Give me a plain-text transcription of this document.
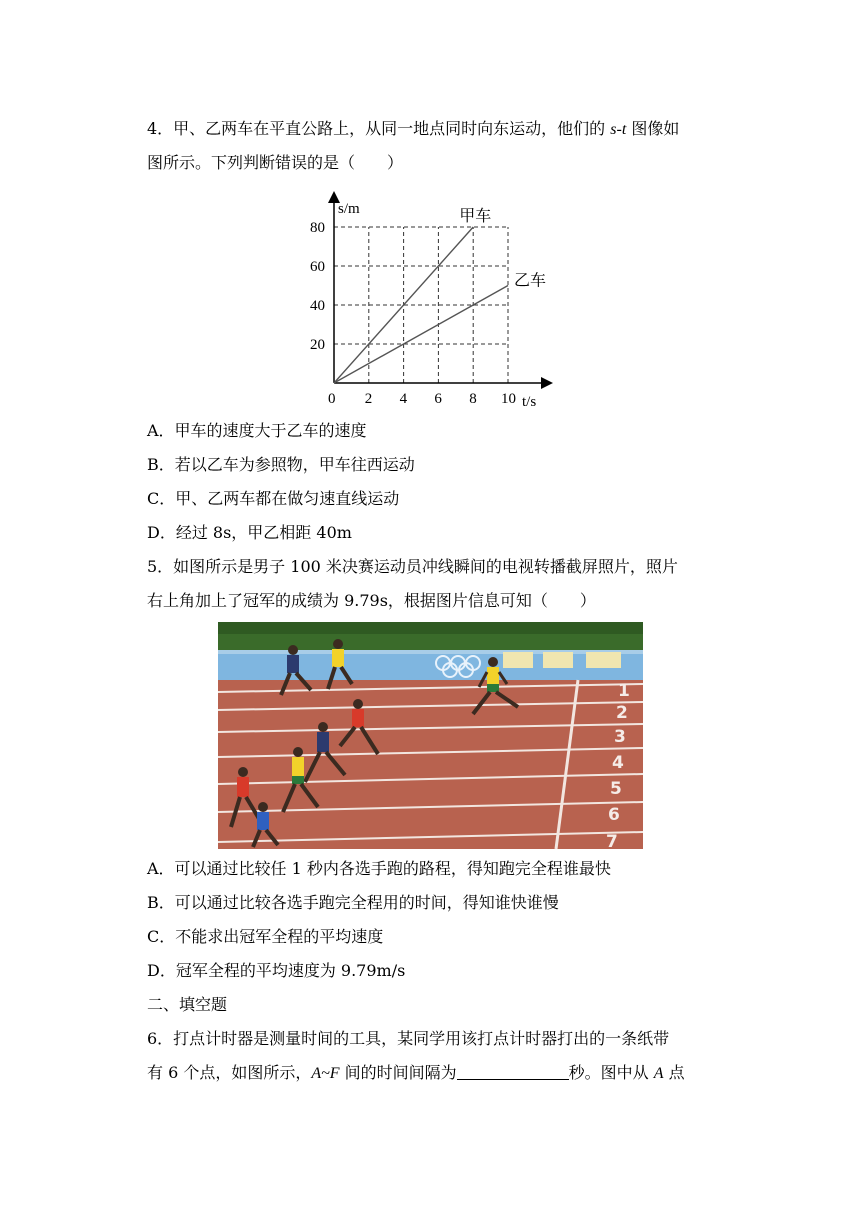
4．甲、乙两车在平直公路上，从同一地点同时向东运动，他们的 s-t 图像如
图所示。下列判断错误的是（　　）
s/m
t/s
0 2 4 6 8 10
20
40
60
80
甲车
乙车
A．甲车的速度大于乙车的速度
B．若以乙车为参照物，甲车往西运动
C．甲、乙两车都在做匀速直线运动
D．经过 8s，甲乙相距 40m
5．如图所示是男子 100 米决赛运动员冲线瞬间的电视转播截屏照片，照片
右上角加上了冠军的成绩为 9.79s，根据图片信息可知（　　）
1
2
3
4
5
6
7
A．可以通过比较任 1 秒内各选手跑的路程，得知跑完全程谁最快
B．可以通过比较各选手跑完全程用的时间，得知谁快谁慢
C．不能求出冠军全程的平均速度
D．冠军全程的平均速度为 9.79m/s
二、填空题
6．打点计时器是测量时间的工具，某同学用该打点计时器打出的一条纸带
有 6 个点，如图所示，A~F 间的时间间隔为	秒。图中从 A 点
